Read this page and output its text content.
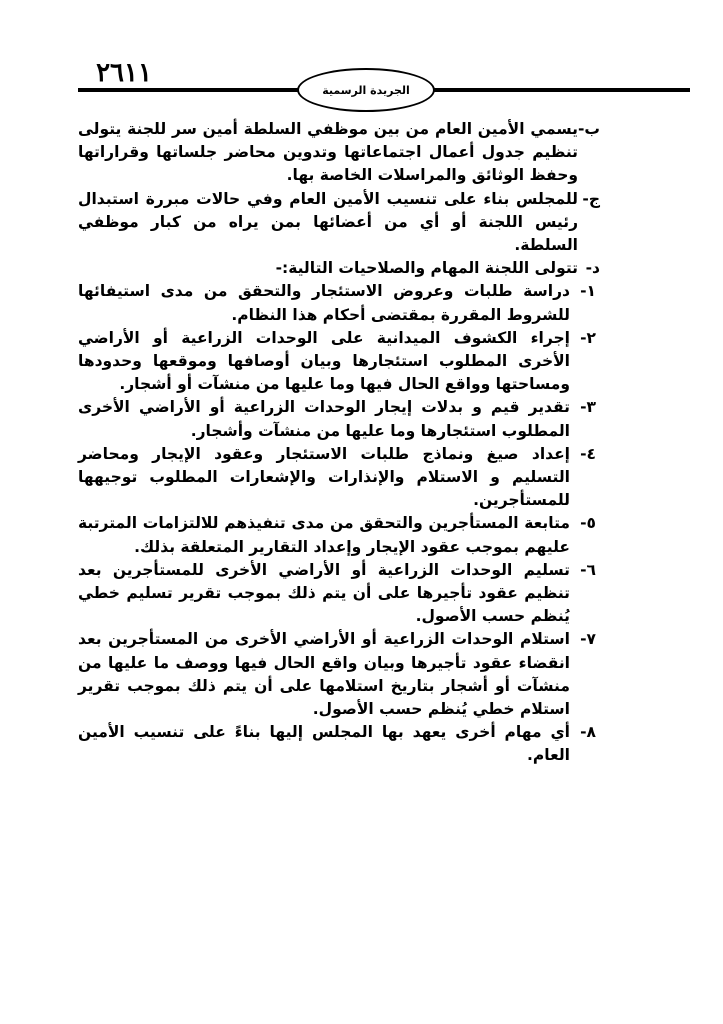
٢٦١١

الجريدة الرسمية

ب-
يسمي الأمين العام من بين موظفي السلطة أمين سر للجنة يتولى تنظيم جدول أعمال اجتماعاتها وتدوين محاضر جلساتها وقراراتها وحفظ الوثائق والمراسلات الخاصة بها.

ج-
للمجلس بناء على تنسيب الأمين العام وفي حالات مبررة استبدال رئيس اللجنة أو أي من أعضائها بمن يراه من كبار موظفي السلطة.

د-
تتولى اللجنة المهام والصلاحيات التالية:-

١-
دراسة طلبات وعروض الاستئجار والتحقق من مدى استيفائها للشروط المقررة بمقتضى أحكام هذا النظام.

٢-
إجراء الكشوف الميدانية على الوحدات الزراعية أو الأراضي الأخرى المطلوب استئجارها وبيان أوصافها وموقعها وحدودها ومساحتها وواقع الحال فيها وما عليها من منشآت أو أشجار.

٣-
تقدير قيم و بدلات إيجار الوحدات الزراعية أو الأراضي الأخرى المطلوب استئجارها وما عليها من منشآت وأشجار.

٤-
إعداد صيغ ونماذج طلبات الاستئجار وعقود الإيجار ومحاضر التسليم و الاستلام والإنذارات والإشعارات المطلوب توجيهها للمستأجرين.

٥-
متابعة المستأجرين والتحقق من مدى تنفيذهم للالتزامات المترتبة عليهم بموجب عقود الإيجار وإعداد التقارير المتعلقة بذلك.

٦-
تسليم الوحدات الزراعية أو الأراضي الأخرى للمستأجرين بعد تنظيم عقود تأجيرها على أن يتم ذلك بموجب تقرير تسليم خطي يُنظم حسب الأصول.

٧-
استلام الوحدات الزراعية أو الأراضي الأخرى من المستأجرين بعد انقضاء عقود تأجيرها وبيان واقع الحال فيها ووصف ما عليها من منشآت أو أشجار بتاريخ استلامها على أن يتم ذلك بموجب تقرير استلام خطي يُنظم حسب الأصول.

٨-
أي مهام أخرى يعهد بها المجلس إليها بناءً على تنسيب الأمين العام.
